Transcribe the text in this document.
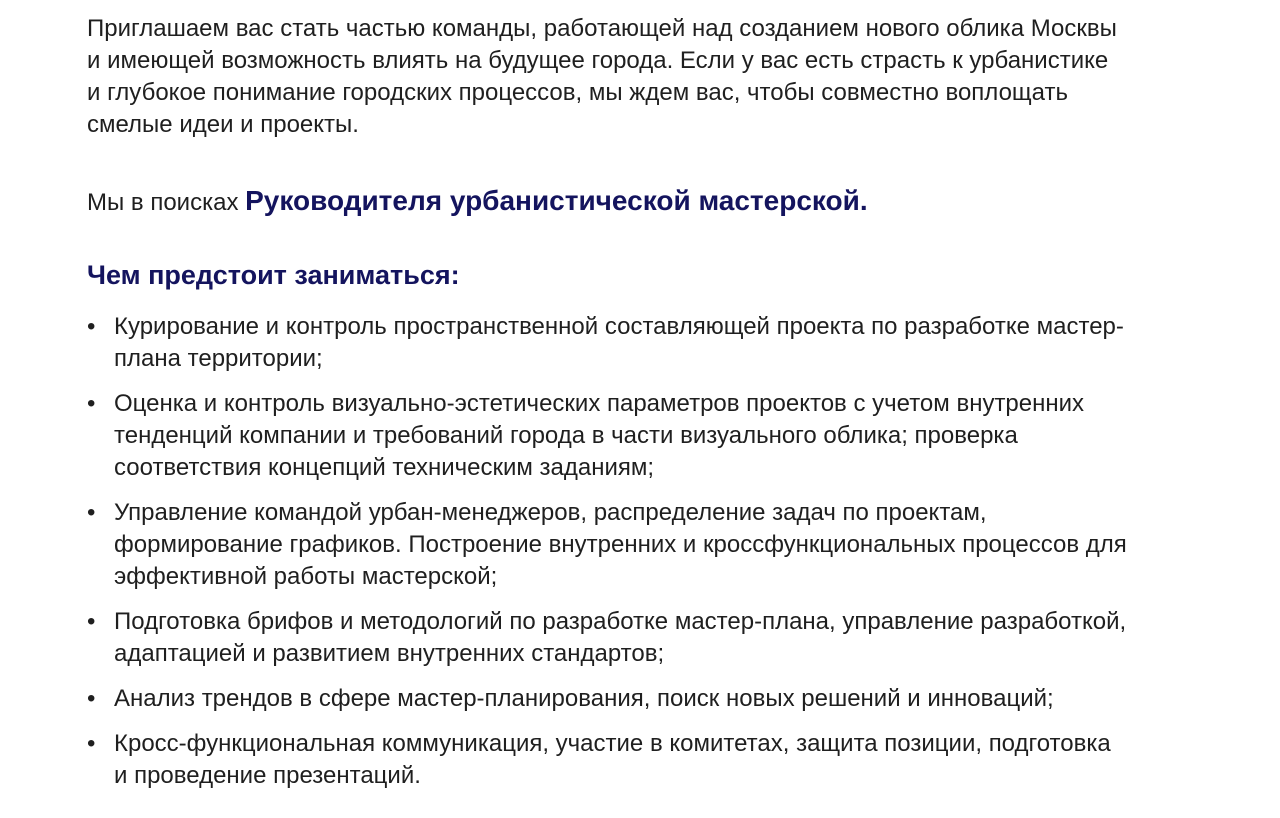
Приглашаем вас стать частью команды, работающей над созданием нового облика Москвы
и имеющей возможность влиять на будущее города. Если у вас есть страсть к урбанистике
и глубокое понимание городских процессов, мы ждем вас, чтобы совместно воплощать
смелые идеи и проекты.

Мы в поисках Руководителя урбанистической мастерской.

Чем предстоит заниматься:
• Курирование и контроль пространственной составляющей проекта по разработке мастер-
плана территории;
• Оценка и контроль визуально-эстетических параметров проектов с учетом внутренних
тенденций компании и требований города в части визуального облика; проверка
соответствия концепций техническим заданиям;
• Управление командой урбан-менеджеров, распределение задач по проектам,
формирование графиков. Построение внутренних и кроссфункциональных процессов для
эффективной работы мастерской;
• Подготовка брифов и методологий по разработке мастер-плана, управление разработкой,
адаптацией и развитием внутренних стандартов;
• Анализ трендов в сфере мастер-планирования, поиск новых решений и инноваций;
• Кросс-функциональная коммуникация, участие в комитетах, защита позиции, подготовка
и проведение презентаций.
